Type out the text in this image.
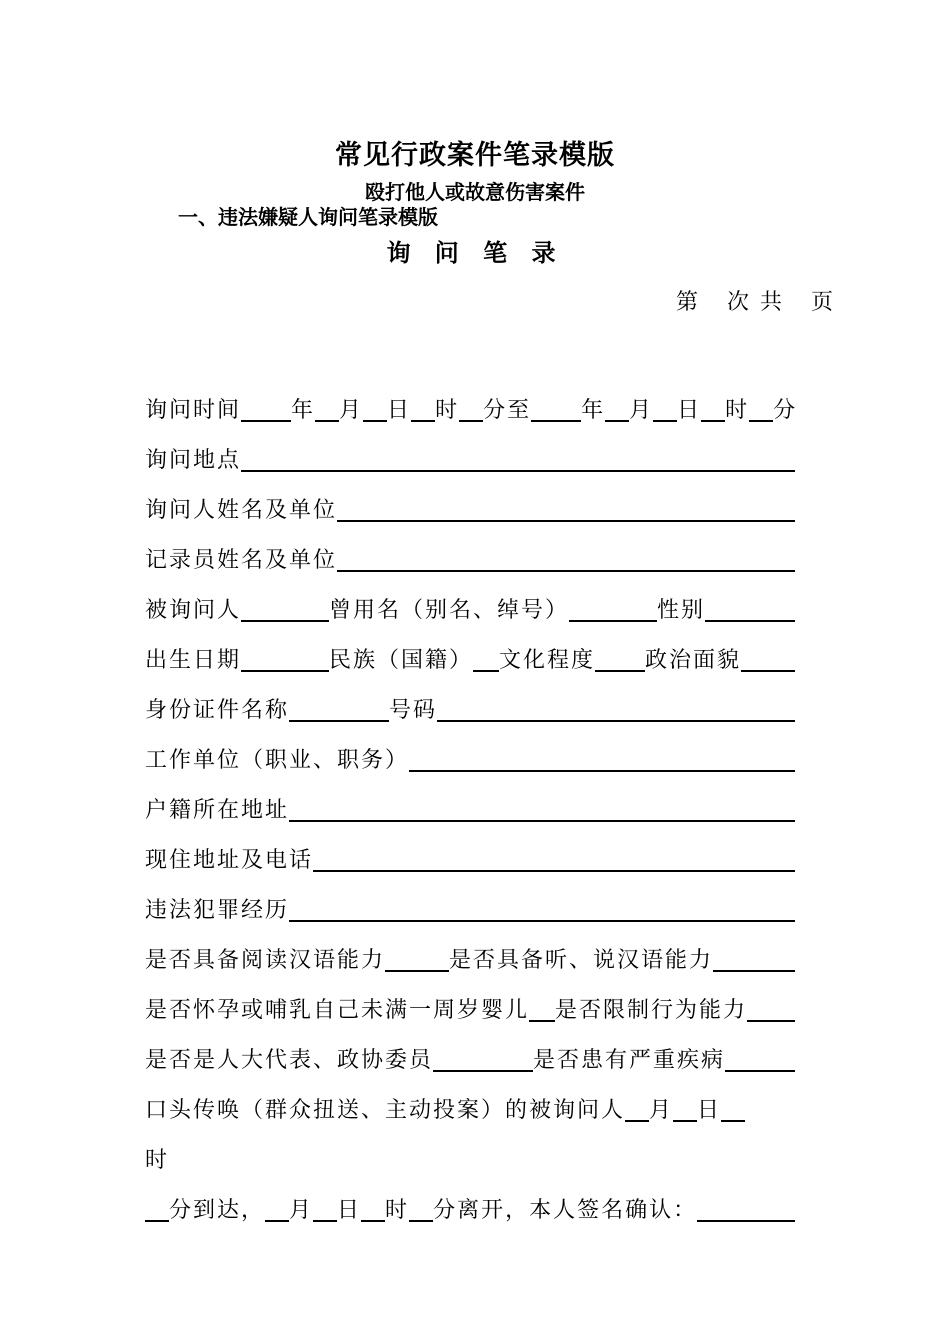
常见行政案件笔录模版
殴打他人或故意伤害案件
一、违法嫌疑人询问笔录模版
询 问 笔 录
第   次 共   页
询问时间 年 月 日 时 分至 年 月 日 时 分
询问地点
询问人姓名及单位
记录员姓名及单位
被询问人	曾用名（别名、绰号）	性别
出生日期	民族（国籍） 文化程度 政治面貌
身份证件名称	号码
工作单位（职业、职务）
户籍所在地址
现住地址及电话
违法犯罪经历
是否具备阅读汉语能力	是否具备听、说汉语能力
是否怀孕或哺乳自己未满一周岁婴儿 是否限制行为能力
是否是人大代表、政协委员	是否患有严重疾病
口头传唤（群众扭送、主动投案）的被询问人 月 日
时
分到达， 月 日 时 分离开，本人签名确认：
